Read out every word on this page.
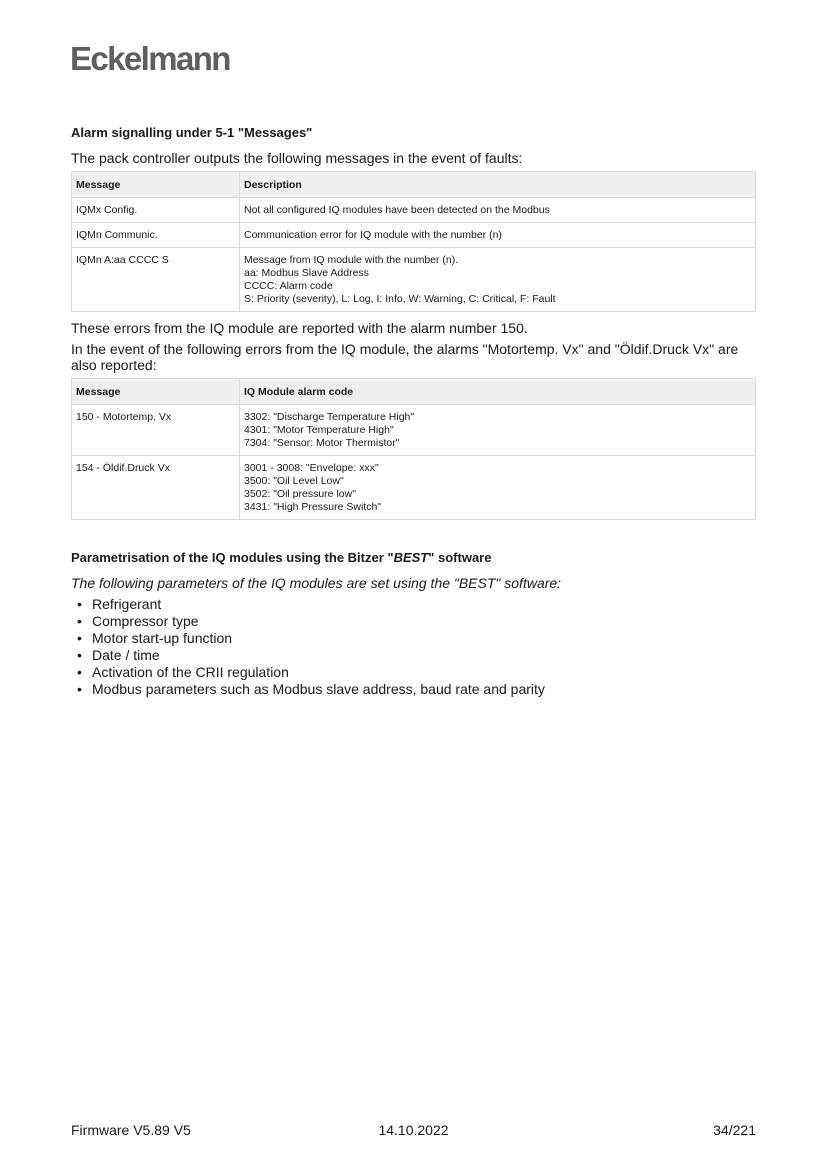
Eckelmann
Alarm signalling under 5-1 "Messages"
The pack controller outputs the following messages in the event of faults:
Message	Description
IQMx Config.	Not all configured IQ modules have been detected on the Modbus

IQMn Communic.	Communication error for IQ module with the number (n)

IQMn A:aa CCCC S	Message from IQ module with the number (n).
aa: Modbus Slave Address
CCCC: Alarm code
S: Priority (severity), L: Log, I: Info, W: Warning, C: Critical, F: Fault
These errors from the IQ module are reported with the alarm number 150.
In the event of the following errors from the IQ module, the alarms "Motortemp. Vx" and "Öldif.Druck Vx" are also reported:
Message	IQ Module alarm code
150 - Motortemp. Vx	3302: "Discharge Temperature High"
4301: "Motor Temperature High"
7304: "Sensor: Motor Thermistor"

154 - Öldif.Druck Vx	3001 - 3008: "Envelope: xxx"
3500: "Oil Level Low"
3502: "Oil pressure low"
3431: "High Pressure Switch"
Parametrisation of the IQ modules using the Bitzer "BEST" software
The following parameters of the IQ modules are set using the "BEST" software:
• Refrigerant
• Compressor type
• Motor start-up function
• Date / time
• Activation of the CRII regulation
• Modbus parameters such as Modbus slave address, baud rate and parity
Firmware V5.89 V5	14.10.2022	34/221
